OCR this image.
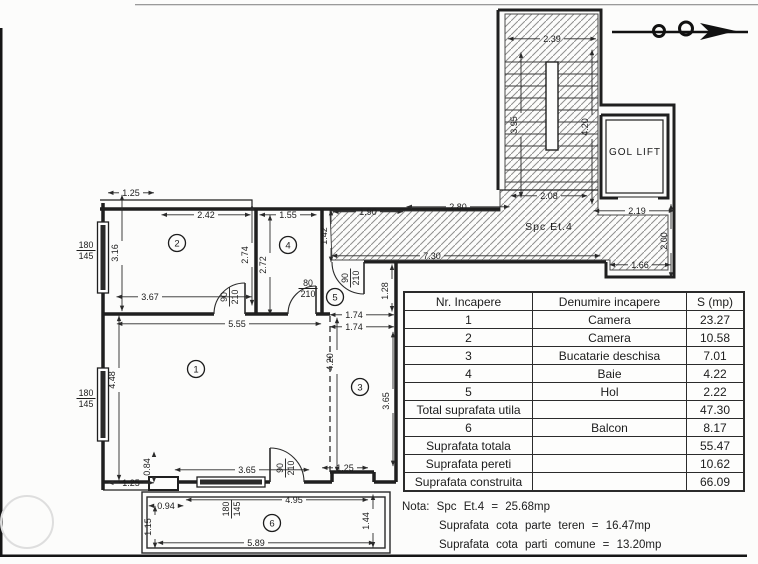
2.39
3.95	4.20
2.08
2.19
2.00
1.66
1.90	2.80
1.42
7.30
1.25
2.42	1.55
3.16	2.74
2.72
3.67
5.55
1.74
1.74
1.28
4.48
4.20
3.65
0.84	3.65	1.25
1.25
0.94
1.15
4.95
1.44
5.89
180
145
180
145
90 210
80
210
90 210
90 210
180 145
1
2
3
4
5
6
Spc Et.4
GOL LIFT
Nr. Incapere	Denumire incapere	S (mp)
1	Camera	23.27
2	Camera	10.58
3	Bucatarie deschisa	7.01
4	Baie	4.22
5	Hol	2.22
Total suprafata utila		47.30
6	Balcon	8.17
Suprafata totala		55.47
Suprafata pereti		10.62
Suprafata construita		66.09
Nota: Spc Et.4 = 25.68mp
Suprafata cota parte teren = 16.47mp
Suprafata cota parti comune = 13.20mp
